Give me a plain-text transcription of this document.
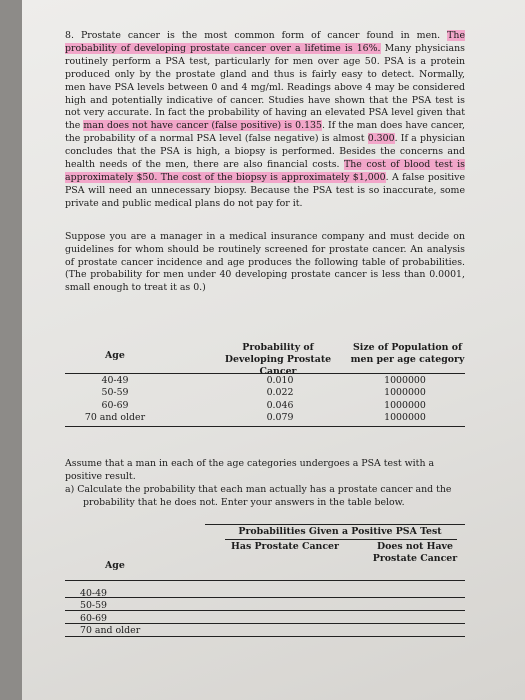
8. Prostate cancer is the most common form of cancer found in men. The probability of developing prostate cancer over a lifetime is 16%. Many physicians routinely perform a PSA test, particularly for men over age 50. PSA is a protein produced only by the prostate gland and thus is fairly easy to detect. Normally, men have PSA levels between 0 and 4 mg/ml. Readings above 4 may be considered high and potentially indicative of cancer. Studies have shown that the PSA test is not very accurate. In fact the probability of having an elevated PSA level given that the man does not have cancer (false positive) is 0.135. If the man does have cancer, the probability of a normal PSA level (false negative) is almost 0.300. If a physician concludes that the PSA is high, a biopsy is performed. Besides the concerns and health needs of the men, there are also financial costs. The cost of blood test is approximately $50. The cost of the biopsy is approximately $1,000. A false positive PSA will need an unnecessary biopsy. Because the PSA test is so inaccurate, some private and public medical plans do not pay for it.

Suppose you are a manager in a medical insurance company and must decide on guidelines for whom should be routinely screened for prostate cancer. An analysis of prostate cancer incidence and age produces the following table of probabilities. (The probability for men under 40 developing prostate cancer is less than 0.0001, small enough to treat it as 0.)

Age
Probability of Developing Prostate Cancer
Size of Population of men per age category
40-49	0.010	1000000
50-59	0.022	1000000
60-69	0.046	1000000
70 and older	0.079	1000000

Assume that a man in each of the age categories undergoes a PSA test with a positive result.

a) Calculate the probability that each man actually has a prostate cancer and the probability that he does not. Enter your answers in the table below.

Probabilities Given a Positive PSA Test
Has Prostate Cancer	Does not Have Prostate Cancer
Age
40-49
50-59
60-69
70 and older
